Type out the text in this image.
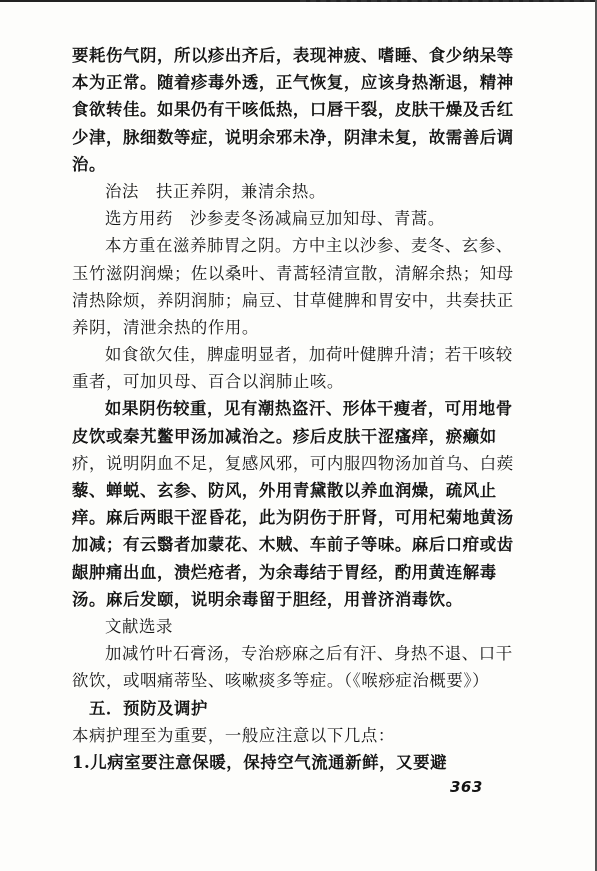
要耗伤气阴，所以疹出齐后，表现神疲、嗜睡、食少纳呆等
本为正常。随着疹毒外透，正气恢复，应该身热渐退，精神
食欲转佳。如果仍有干咳低热，口唇干裂，皮肤干燥及舌红
少津，脉细数等症，说明余邪未净，阴津未复，故需善后调
治。
治法　扶正养阴，兼清余热。
选方用药　沙参麦冬汤减扁豆加知母、青蒿。
本方重在滋养肺胃之阴。方中主以沙参、麦冬、玄参、
玉竹滋阴润燥；佐以桑叶、青蒿轻清宣散，清解余热；知母
清热除烦，养阴润肺；扁豆、甘草健脾和胃安中，共奏扶正
养阴，清泄余热的作用。
如食欲欠佳，脾虚明显者，加荷叶健脾升清；若干咳较
重者，可加贝母、百合以润肺止咳。
如果阴伤较重，见有潮热盗汗、形体干瘦者，可用地骨
皮饮或秦艽鳖甲汤加减治之。疹后皮肤干涩瘙痒，瘀癞如
疥，说明阴血不足，复感风邪，可内服四物汤加首乌、白蒺
藜、蝉蜕、玄参、防风，外用青黛散以养血润燥，疏风止
痒。麻后两眼干涩昏花，此为阴伤于肝肾，可用杞菊地黄汤
加减；有云翳者加蒙花、木贼、车前子等味。麻后口疳或齿
龈肿痛出血，溃烂疮者，为余毒结于胃经，酌用黄连解毒
汤。麻后发颐，说明余毒留于胆经，用普济消毒饮。
文献选录
加减竹叶石膏汤，专治痧麻之后有汗、身热不退、口干
欲饮，或咽痛蒂坠、咳嗽痰多等症。（《喉痧症治概要》）
五．预防及调护
本病护理至为重要，一般应注意以下几点：
1.儿病室要注意保暖，保持空气流通新鲜，又要避
363
